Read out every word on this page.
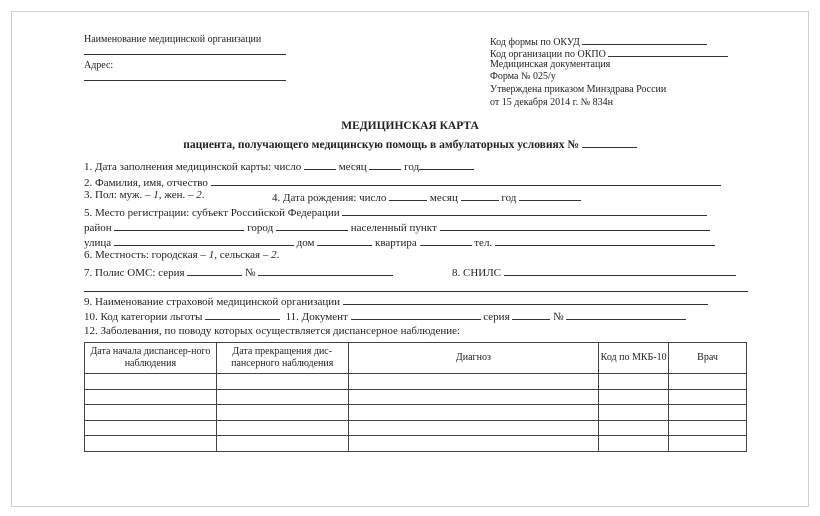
Наименование медицинской организации
Адрес:
Код формы по ОКУД
Код организации по ОКПО
Медицинская документация
Форма № 025/у
Утверждена приказом Минздрава России
от 15 декабря 2014 г. № 834н
МЕДИЦИНСКАЯ КАРТА
пациента, получающего медицинскую помощь в амбулаторных условиях №
1. Дата заполнения медицинской карты: число	месяц	год
2. Фамилия, имя, отчество
3. Пол: муж. – 1, жен. – 2.	4. Дата рождения: число	месяц	год
5. Место регистрации: субъект Российской Федерации
район	город	населенный пункт
улица	дом	квартира	тел.
6. Местность: городская – 1, сельская – 2.
7. Полис ОМС: серия	№	8. СНИЛС
9. Наименование страховой медицинской организации
10. Код категории льготы	11. Документ	серия	№
12. Заболевания, по поводу которых осуществляется диспансерное наблюдение:
Дата начала диспансер-ного наблюдения	Дата прекращения дис-пансерного наблюдения	Диагноз	Код по МКБ-10	Врач
